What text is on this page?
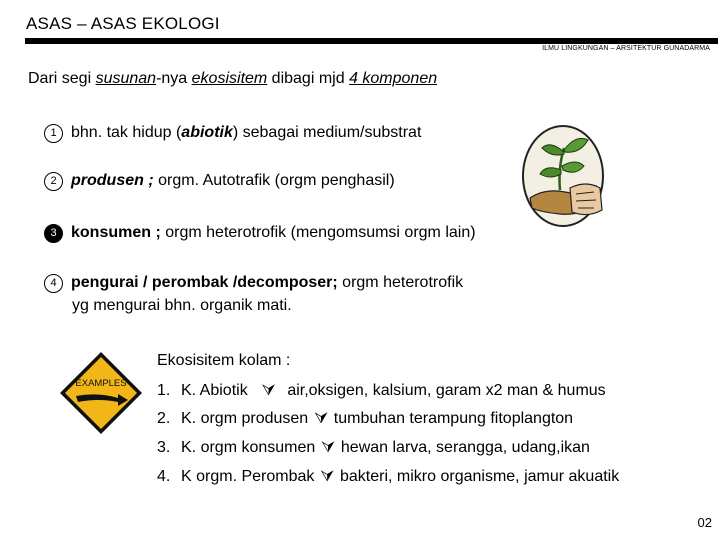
ASAS – ASAS EKOLOGI
ILMU LINGKUNGAN – ARSITEKTUR GUNADARMA
Dari segi susunan-nya ekosisitem dibagi mjd 4 komponen
1 bhn. tak hidup (abiotik) sebagai medium/substrat
2 produsen ; orgm. Autotrafik (orgm penghasil)
3 konsumen ; orgm heterotrofik (mengomsumsi orgm lain)
4 pengurai / perombak /decomposer; orgm heterotrofik
yg mengurai bhn. organik mati.
EXAMPLES
Ekosisitem kolam :
1. K. Abiotik ⮛ air,oksigen, kalsium, garam x2 man & humus
2. K. orgm produsen ⮛ tumbuhan terampung fitoplangton
3. K. orgm konsumen ⮛ hewan larva, serangga, udang,ikan
4. K orgm. Perombak ⮛ bakteri, mikro organisme, jamur akuatik
02
